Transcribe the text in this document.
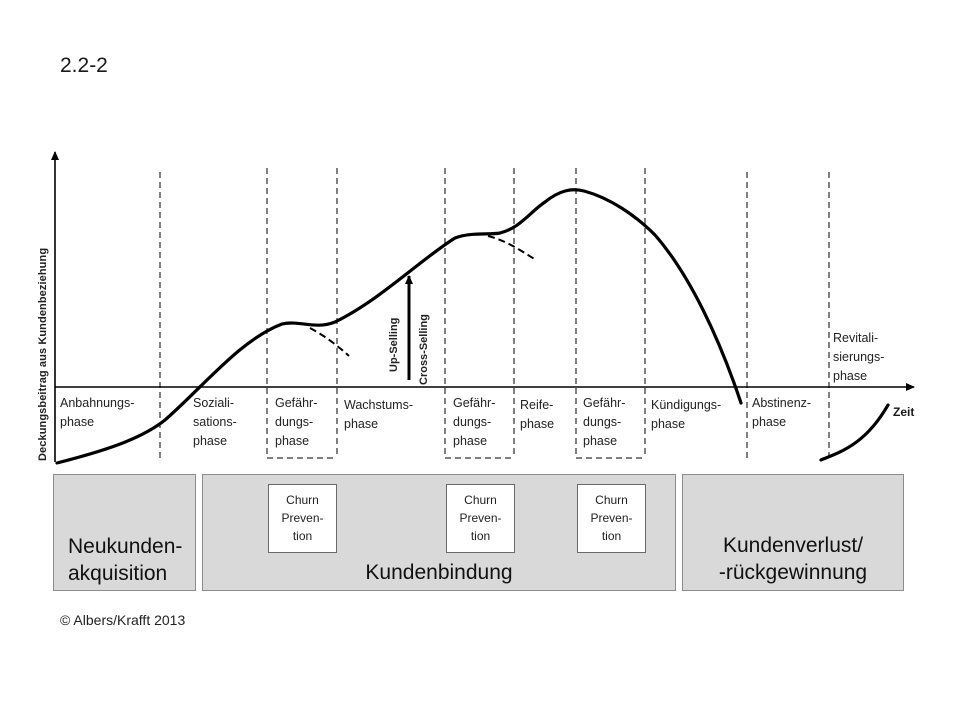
2.2-2
Deckungsbeitrag aus Kundenbeziehung	Up-Selling Cross-Selling
Zeit
Anbahnungs-
phase
Soziali-
sations-
phase
Gefähr-
dungs-
phase
Wachstums-
phase
Gefähr-
dungs-
phase
Reife-
phase
Gefähr-
dungs-
phase
Kündigungs-
phase
Abstinenz-
phase
Revitali-
sierungs-
phase
Neukunden-
akquisition	Kundenbindung
Kundenverlust/
-rückgewinnung
Churn
Preven-
tion
Churn
Preven-
tion
Churn
Preven-
tion
© Albers/Krafft 2013
